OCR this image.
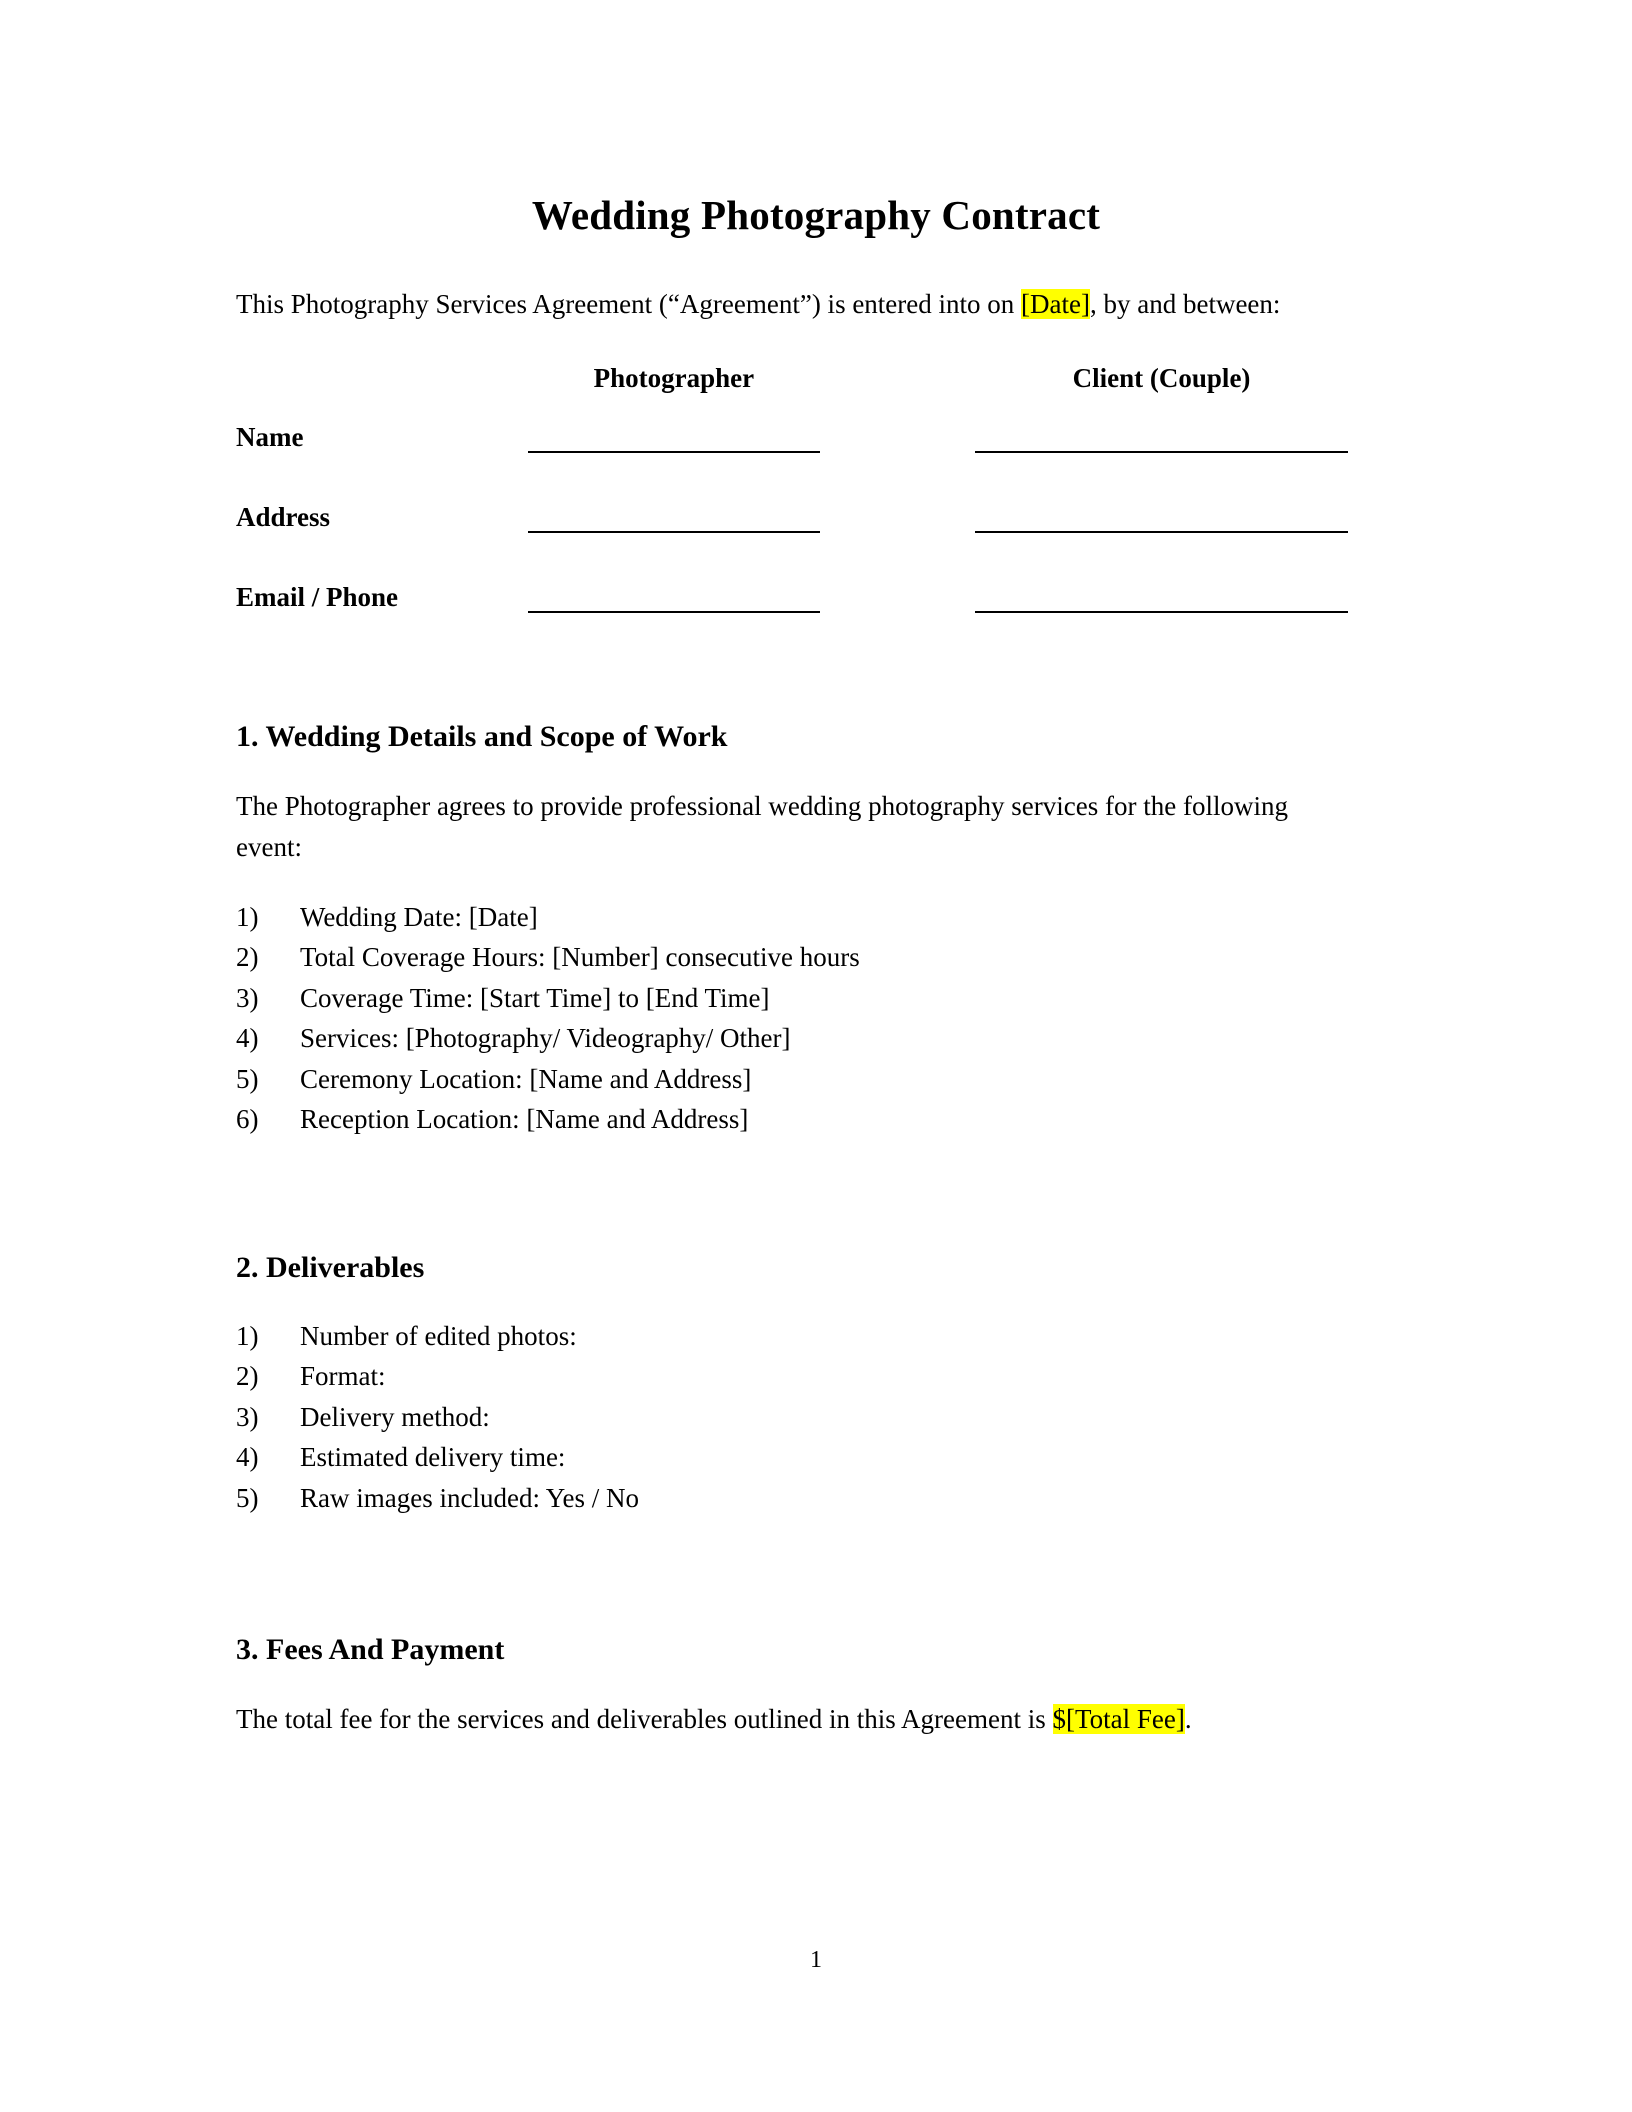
Wedding Photography Contract

This Photography Services Agreement (“Agreement”) is entered into on [Date], by and between:

	Photographer		Client (Couple)
Name	

Address	

Email / Phone	

1. Wedding Details and Scope of Work

The Photographer agrees to provide professional wedding photography services for the following event:

1)	Wedding Date: [Date]
2)	Total Coverage Hours: [Number] consecutive hours
3)	Coverage Time: [Start Time] to [End Time]
4)	Services: [Photography/ Videography/ Other]
5)	Ceremony Location: [Name and Address]
6)	Reception Location: [Name and Address]
2. Deliverables
1)	Number of edited photos:
2)	Format:
3)	Delivery method:
4)	Estimated delivery time:
5)	Raw images included: Yes / No
3. Fees And Payment

The total fee for the services and deliverables outlined in this Agreement is $[Total Fee].

1
